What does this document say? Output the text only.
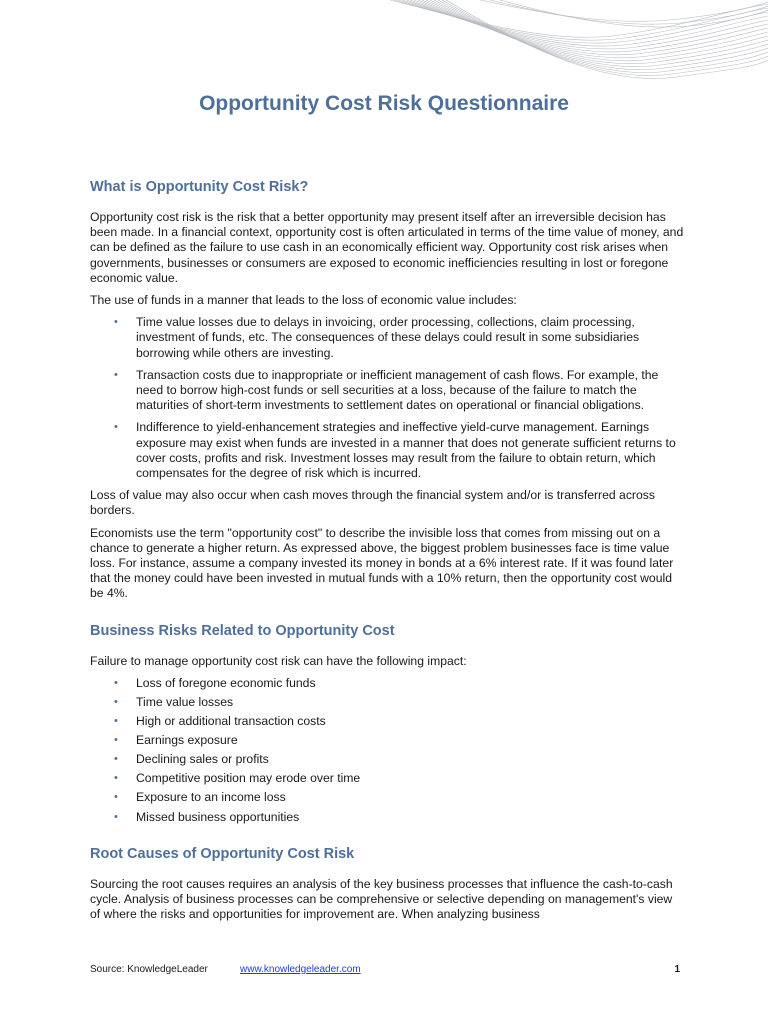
Opportunity Cost Risk Questionnaire
What is Opportunity Cost Risk?

Opportunity cost risk is the risk that a better opportunity may present itself after an irreversible decision has been made. In a financial context, opportunity cost is often articulated in terms of the time value of money, and can be defined as the failure to use cash in an economically efficient way. Opportunity cost risk arises when governments, businesses or consumers are exposed to economic inefficiencies resulting in lost or foregone economic value.

The use of funds in a manner that leads to the loss of economic value includes:

• Time value losses due to delays in invoicing, order processing, collections, claim processing, investment of funds, etc. The consequences of these delays could result in some subsidiaries borrowing while others are investing.
• Transaction costs due to inappropriate or inefficient management of cash flows. For example, the need to borrow high-cost funds or sell securities at a loss, because of the failure to match the maturities of short-term investments to settlement dates on operational or financial obligations.
• Indifference to yield-enhancement strategies and ineffective yield-curve management. Earnings exposure may exist when funds are invested in a manner that does not generate sufficient returns to cover costs, profits and risk. Investment losses may result from the failure to obtain return, which compensates for the degree of risk which is incurred.

Loss of value may also occur when cash moves through the financial system and/or is transferred across borders.

Economists use the term "opportunity cost" to describe the invisible loss that comes from missing out on a chance to generate a higher return. As expressed above, the biggest problem businesses face is time value loss. For instance, assume a company invested its money in bonds at a 6% interest rate. If it was found later that the money could have been invested in mutual funds with a 10% return, then the opportunity cost would be 4%.

Business Risks Related to Opportunity Cost

Failure to manage opportunity cost risk can have the following impact:

• Loss of foregone economic funds
• Time value losses
• High or additional transaction costs
• Earnings exposure
• Declining sales or profits
• Competitive position may erode over time
• Exposure to an income loss
• Missed business opportunities
Root Causes of Opportunity Cost Risk

Sourcing the root causes requires an analysis of the key business processes that influence the cash-to-cash cycle. Analysis of business processes can be comprehensive or selective depending on management's view of where the risks and opportunities for improvement are. When analyzing business

Source: KnowledgeLeader	www.knowledgeleader.com	1
